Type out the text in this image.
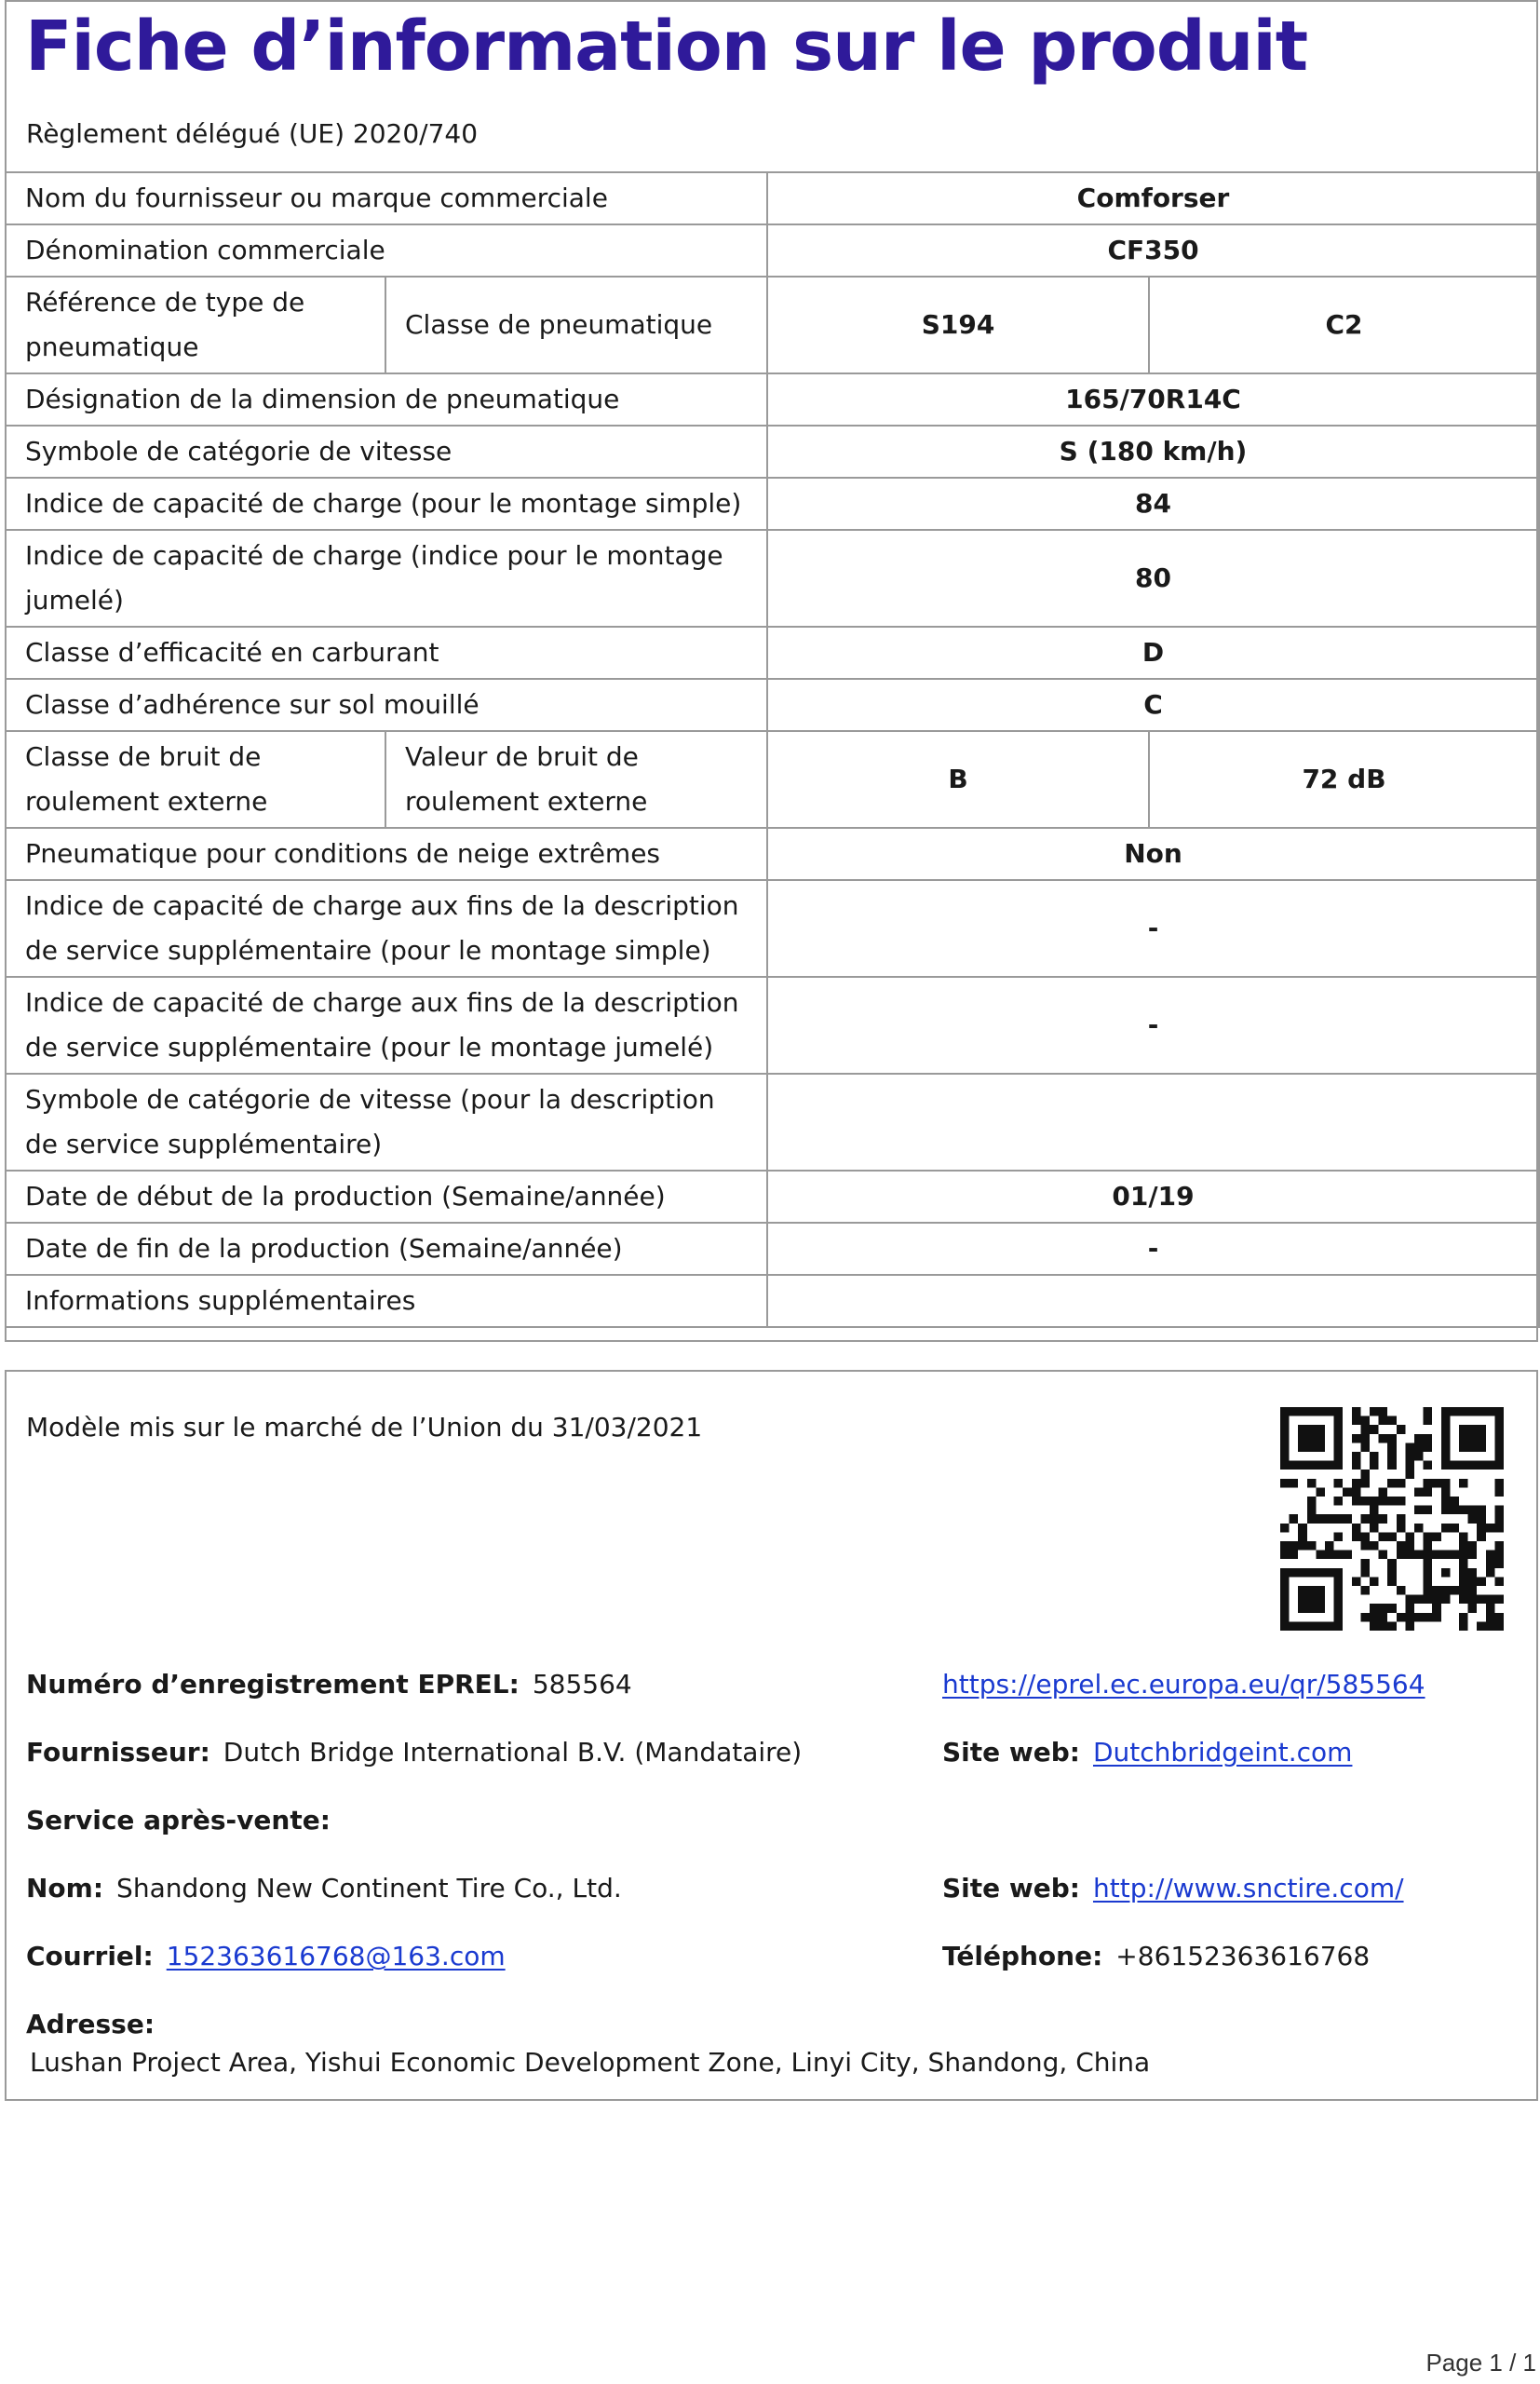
Fiche d’information sur le produit
Règlement délégué (UE) 2020/740
Nom du fournisseur ou marque commerciale		Comforser	
Dénomination commerciale		CF350	
Référence de type de pneumatique	Classe de pneumatique	S194	C2
Désignation de la dimension de pneumatique		165/70R14C	
Symbole de catégorie de vitesse		S (180 km/h)	
Indice de capacité de charge (pour le montage simple)		84	
Indice de capacité de charge (indice pour le montage jumelé)		80	
Classe d’efficacité en carburant		D	
Classe d’adhérence sur sol mouillé		C	
Classe de bruit de roulement externe	Valeur de bruit de roulement externe	B	72 dB
Pneumatique pour conditions de neige extrêmes		Non	
Indice de capacité de charge aux fins de la description de service supplémentaire (pour le montage simple)		-	
Indice de capacité de charge aux fins de la description de service supplémentaire (pour le montage jumelé)		-	
Symbole de catégorie de vitesse (pour la description de service supplémentaire)			
Date de début de la production (Semaine/année)		01/19	
Date de fin de la production (Semaine/année)		-	
Informations supplémentaires			
Modèle mis sur le marché de l’Union du 31/03/2021
Numéro d’enregistrement EPREL: 585564	https://eprel.ec.europa.eu/qr/585564
Fournisseur: Dutch Bridge International B.V. (Mandataire)	Site web: Dutchbridgeint.com
Service après-vente:
Nom: Shandong New Continent Tire Co., Ltd.	Site web: http://www.snctire.com/
Courriel: 152363616768@163.com	Téléphone: +86152363616768
Adresse:
Lushan Project Area, Yishui Economic Development Zone, Linyi City, Shandong, China
Page 1 / 1
